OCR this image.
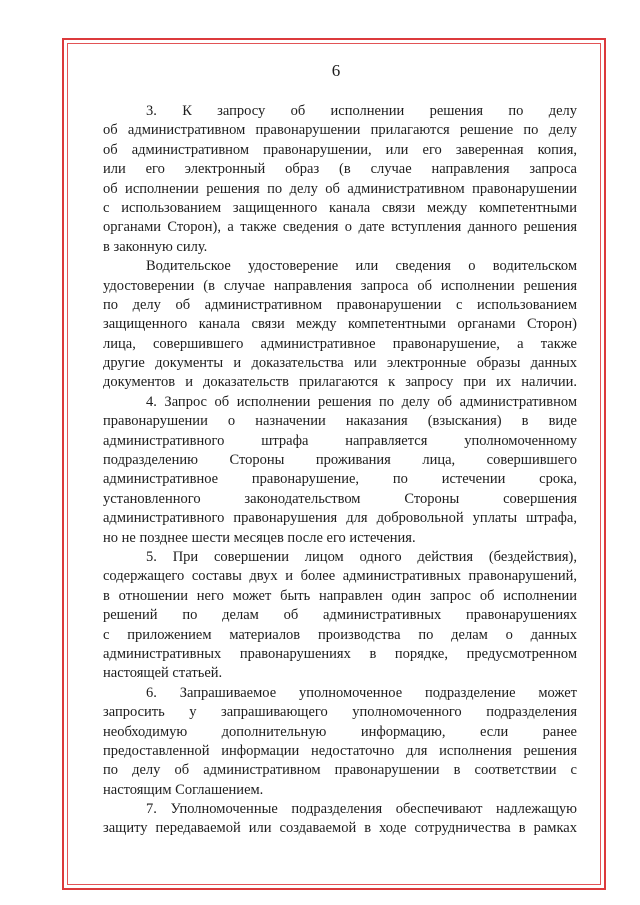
6
3. К запросу об исполнении решения по делу
об административном правонарушении прилагаются решение по делу
об административном правонарушении, или его заверенная копия,
или его электронный образ (в случае направления запроса
об исполнении решения по делу об административном правонарушении
с использованием защищенного канала связи между компетентными
органами Сторон), а также сведения о дате вступления данного решения
в законную силу.
Водительское удостоверение или сведения о водительском
удостоверении (в случае направления запроса об исполнении решения
по делу об административном правонарушении с использованием
защищенного канала связи между компетентными органами Сторон)
лица, совершившего административное правонарушение, а также
другие документы и доказательства или электронные образы данных
документов и доказательств прилагаются к запросу при их наличии.
4. Запрос об исполнении решения по делу об административном
правонарушении о назначении наказания (взыскания) в виде
административного штрафа направляется уполномоченному
подразделению Стороны проживания лица, совершившего
административное правонарушение, по истечении срока,
установленного законодательством Стороны совершения
административного правонарушения для добровольной уплаты штрафа,
но не позднее шести месяцев после его истечения.
5. При совершении лицом одного действия (бездействия),
содержащего составы двух и более административных правонарушений,
в отношении него может быть направлен один запрос об исполнении
решений по делам об административных правонарушениях
с приложением материалов производства по делам о данных
административных правонарушениях в порядке, предусмотренном
настоящей статьей.
6. Запрашиваемое уполномоченное подразделение может
запросить у запрашивающего уполномоченного подразделения
необходимую дополнительную информацию, если ранее
предоставленной информации недостаточно для исполнения решения
по делу об административном правонарушении в соответствии с
настоящим Соглашением.
7. Уполномоченные подразделения обеспечивают надлежащую
защиту передаваемой или создаваемой в ходе сотрудничества в рамках
